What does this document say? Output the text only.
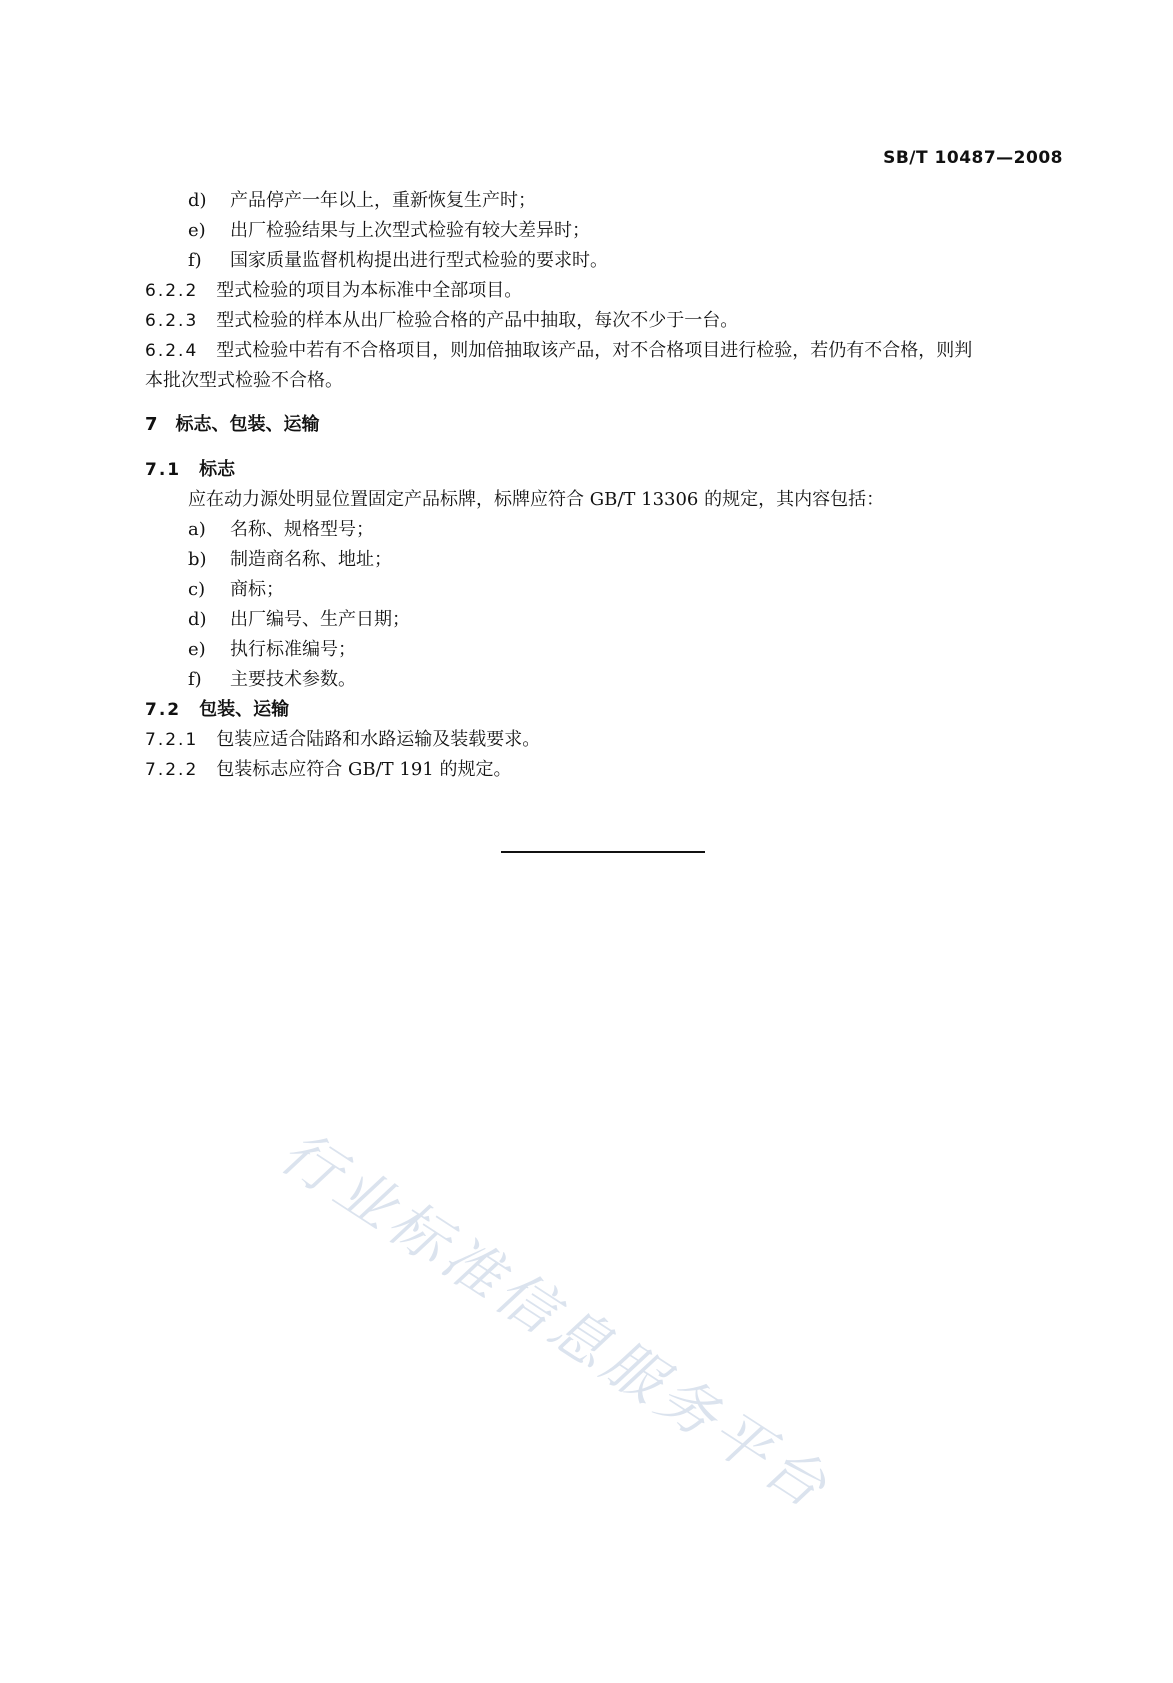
SB/T 10487—2008
d) 产品停产一年以上，重新恢复生产时；
e) 出厂检验结果与上次型式检验有较大差异时；
f) 国家质量监督机构提出进行型式检验的要求时。
6.2.2 型式检验的项目为本标准中全部项目。
6.2.3 型式检验的样本从出厂检验合格的产品中抽取，每次不少于一台。
6.2.4 型式检验中若有不合格项目，则加倍抽取该产品，对不合格项目进行检验，若仍有不合格，则判
本批次型式检验不合格。
7 标志、包装、运输
7.1 标志
应在动力源处明显位置固定产品标牌，标牌应符合 GB/T 13306 的规定，其内容包括：
a) 名称、规格型号；
b) 制造商名称、地址；
c) 商标；
d) 出厂编号、生产日期；
e) 执行标准编号；
f) 主要技术参数。
7.2 包装、运输
7.2.1 包装应适合陆路和水路运输及装载要求。
7.2.2 包装标志应符合 GB/T 191 的规定。
行业标准信息服务平台
